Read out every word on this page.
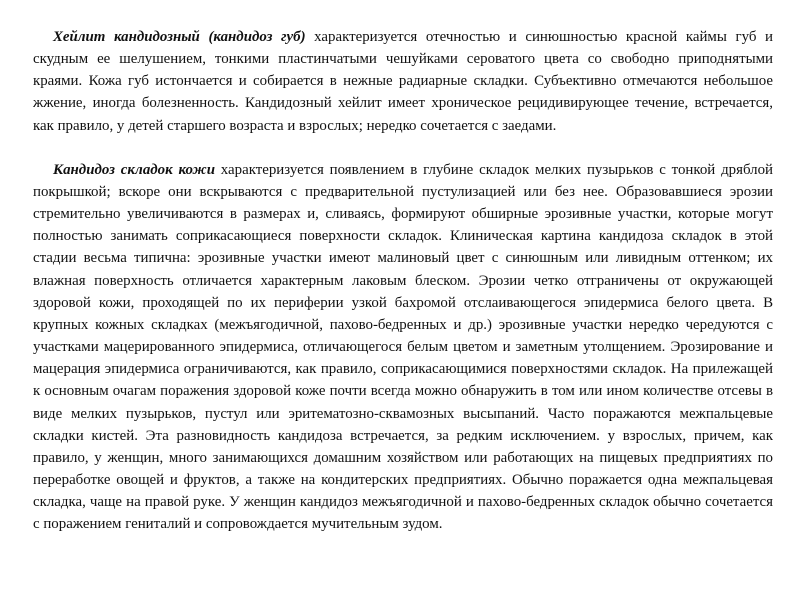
Хейлит кандидозный (кандидоз губ) характеризуется отечностью и синюшностью красной каймы губ и скудным ее шелушением, тонкими пластинчатыми чешуйками сероватого цвета со свободно приподнятыми краями. Кожа губ истончается и собирается в нежные радиарные складки. Субъективно отмечаются небольшое жжение, иногда болезненность. Кандидозный хейлит имеет хроническое рецидивирующее течение, встречается, как правило, у детей старшего возраста и взрослых; нередко сочетается с заедами.

Кандидоз складок кожи характеризуется появлением в глубине складок мелких пузырьков с тонкой дряблой покрышкой; вскоре они вскрываются с предварительной пустулизацией или без нее. Образовавшиеся эрозии стремительно увеличиваются в размерах и, сливаясь, формируют обширные эрозивные участки, которые могут полностью занимать соприкасающиеся поверхности складок. Клиническая картина кандидоза складок в этой стадии весьма типична: эрозивные участки имеют малиновый цвет с синюшным или ливидным оттенком; их влажная поверхность отличается характерным лаковым блеском. Эрозии четко отграничены от окружающей здоровой кожи, проходящей по их периферии узкой бахромой отслаивающегося эпидермиса белого цвета. В крупных кожных складках (межъягодичной, пахово-бедренных и др.) эрозивные участки нередко чередуются с участками мацерированного эпидермиса, отличающегося белым цветом и заметным утолщением. Эрозирование и мацерация эпидермиса ограничиваются, как правило, соприкасающимися поверхностями складок. На прилежащей к основным очагам поражения здоровой коже почти всегда можно обнаружить в том или ином количестве отсевы в виде мелких пузырьков, пустул или эритематозно-сквамозных высыпаний. Часто поражаются межпальцевые складки кистей. Эта разновидность кандидоза встречается, за редким исключением. у взрослых, причем, как правило, у женщин, много занимающихся домашним хозяйством или работающих на пищевых предприятиях по переработке овощей и фруктов, а также на кондитерских предприятиях. Обычно поражается одна межпальцевая складка, чаще на правой руке. У женщин кандидоз межъягодичной и пахово-бедренных складок обычно сочетается с поражением гениталий и сопровождается мучительным зудом.
